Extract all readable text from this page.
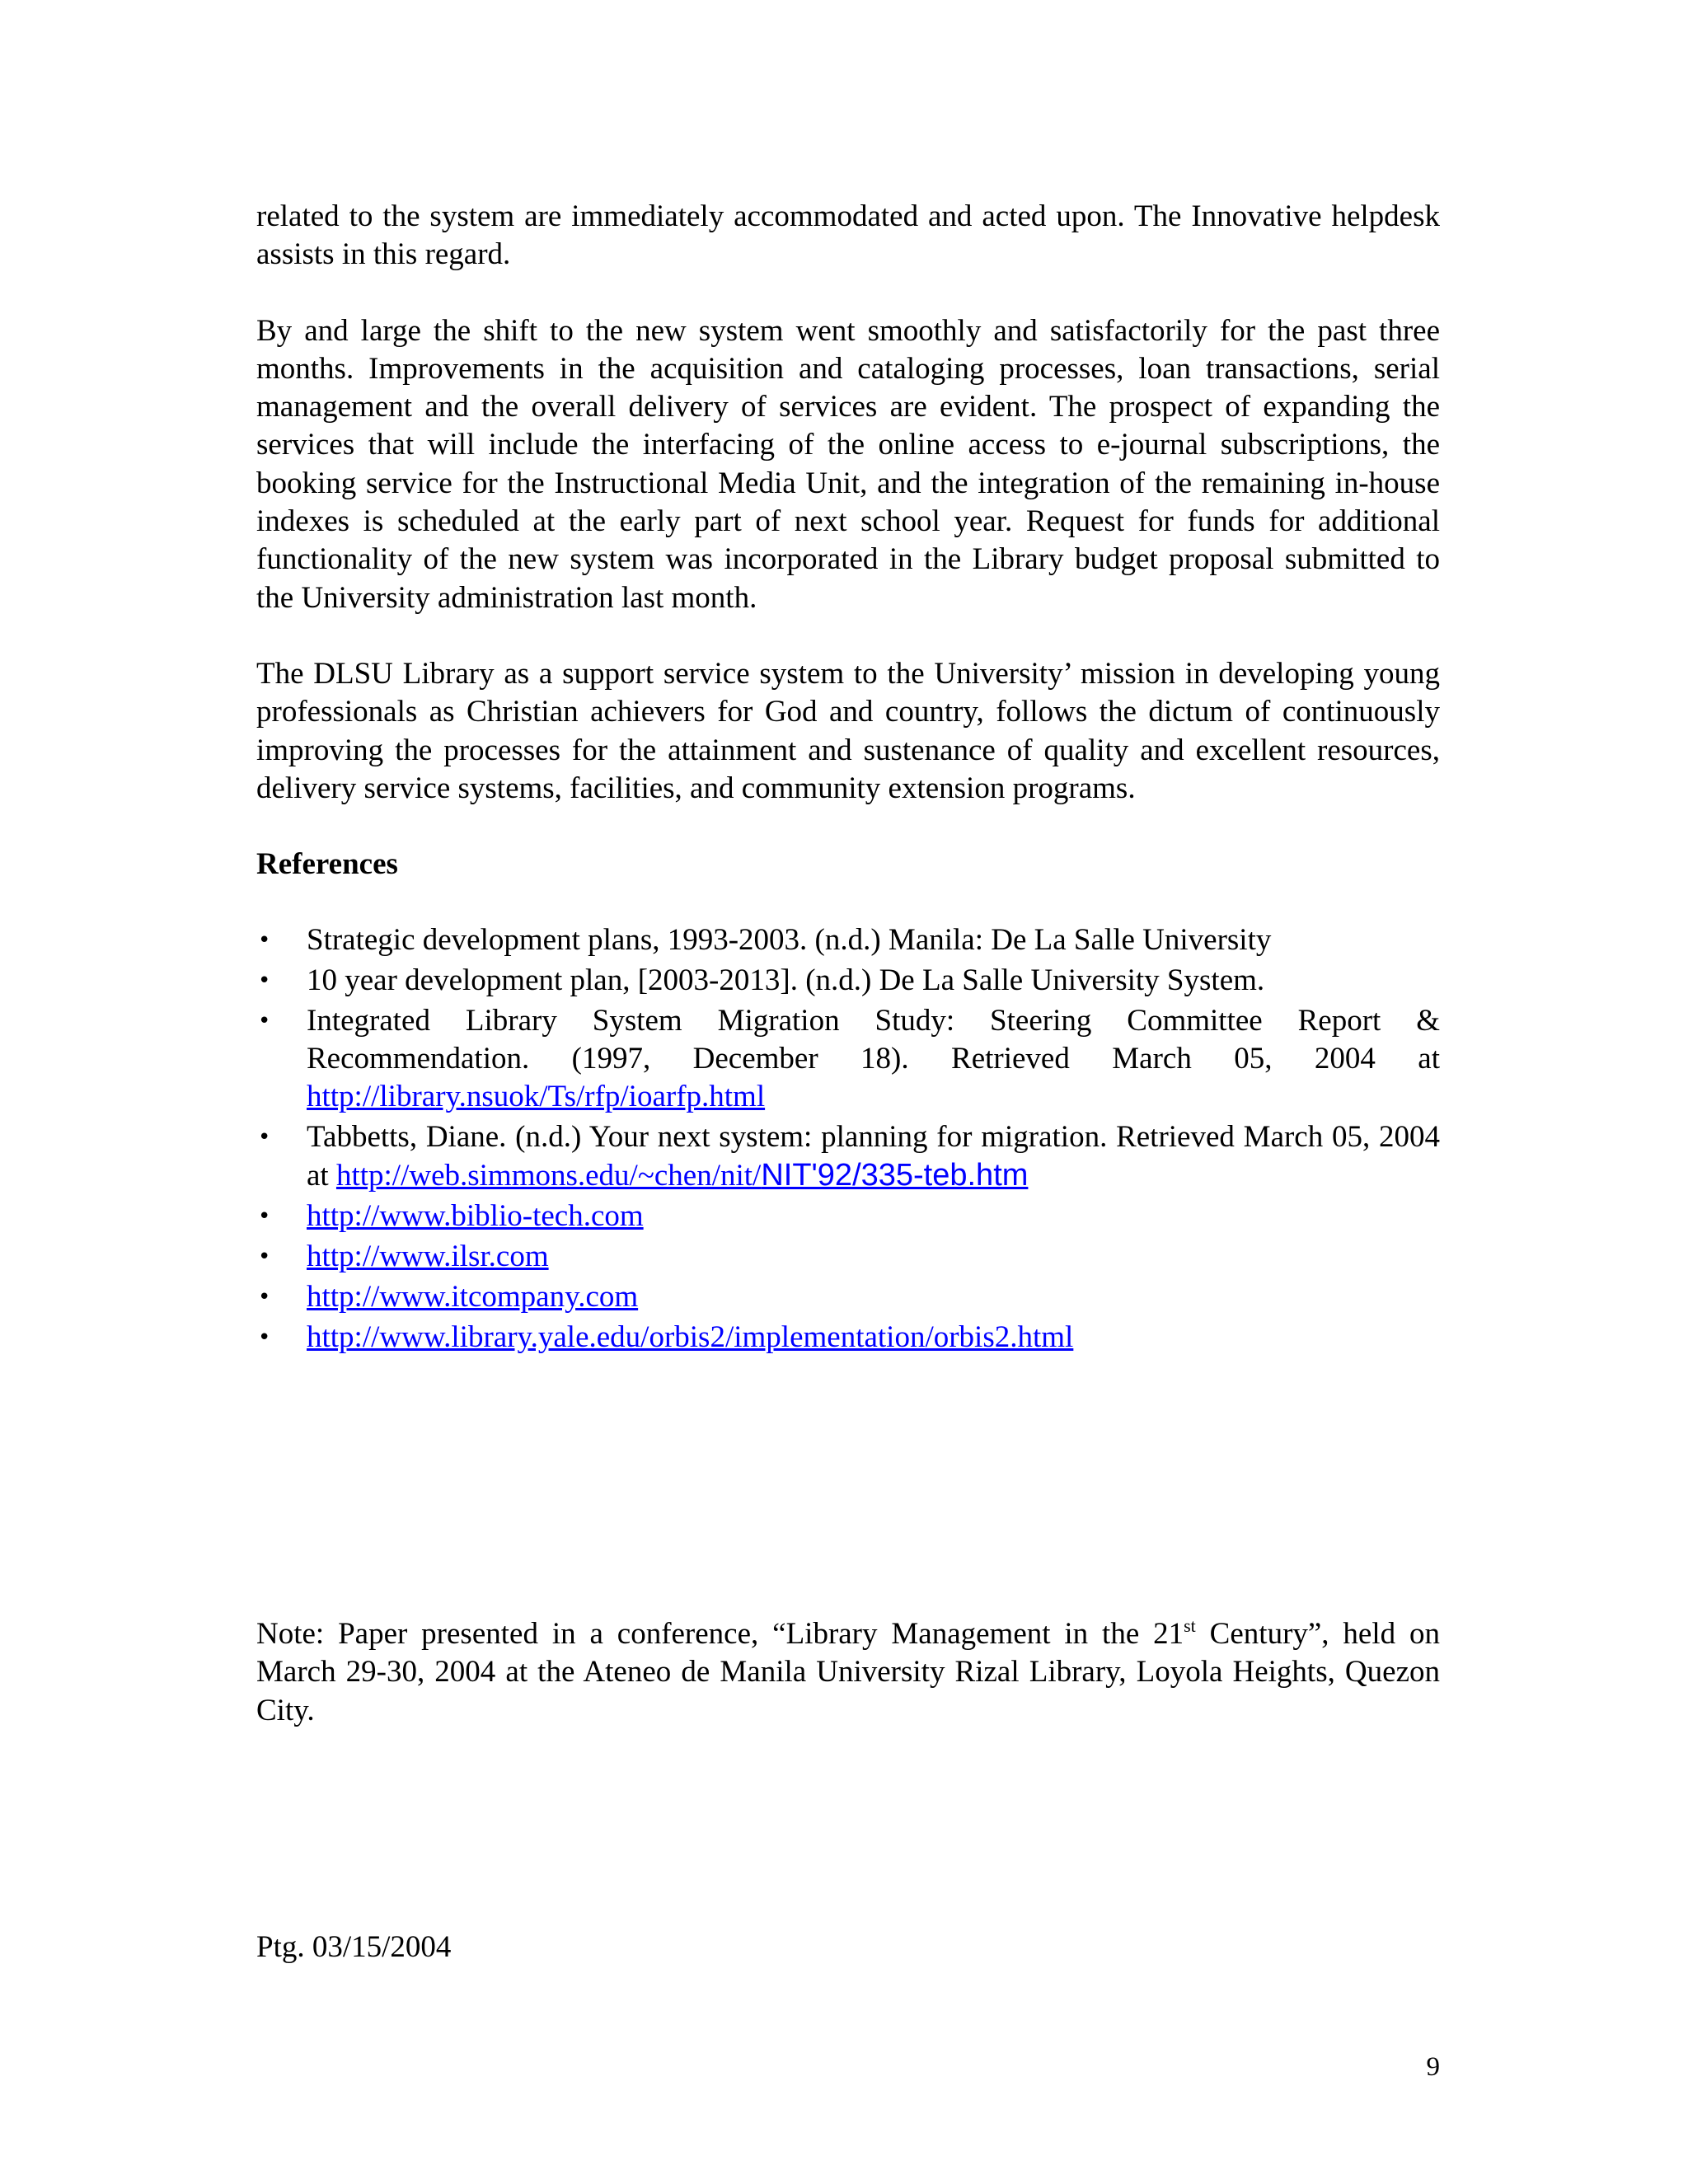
related to the system are immediately accommodated and acted upon. The Innovative helpdesk assists in this regard.

By and large the shift to the new system went smoothly and satisfactorily for the past three months. Improvements in the acquisition and cataloging processes, loan transactions, serial management and the overall delivery of services are evident. The prospect of expanding the services that will include the interfacing of the online access to e-journal subscriptions, the booking service for the Instructional Media Unit, and the integration of the remaining in-house indexes is scheduled at the early part of next school year. Request for funds for additional functionality of the new system was incorporated in the Library budget proposal submitted to the University administration last month.

The DLSU Library as a support service system to the University’ mission in developing young professionals as Christian achievers for God and country, follows the dictum of continuously improving the processes for the attainment and sustenance of quality and excellent resources, delivery service systems, facilities, and community extension programs.

References
•	Strategic development plans, 1993-2003. (n.d.) Manila: De La Salle University
•	10 year development plan, [2003-2013]. (n.d.) De La Salle University System.
•	Integrated Library System Migration Study: Steering Committee Report & Recommendation. (1997, December 18). Retrieved March 05, 2004 at http://library.nsuok/Ts/rfp/ioarfp.html
•	Tabbetts, Diane. (n.d.) Your next system: planning for migration. Retrieved March 05, 2004 at http://web.simmons.edu/~chen/nit/NIT'92/335-teb.htm
•	http://www.biblio-tech.com
•	http://www.ilsr.com
•	http://www.itcompany.com
•	http://www.library.yale.edu/orbis2/implementation/orbis2.html

Note: Paper presented in a conference, “Library Management in the 21st Century”, held on March 29-30, 2004 at the Ateneo de Manila University Rizal Library, Loyola Heights, Quezon City.

Ptg. 03/15/2004

9
